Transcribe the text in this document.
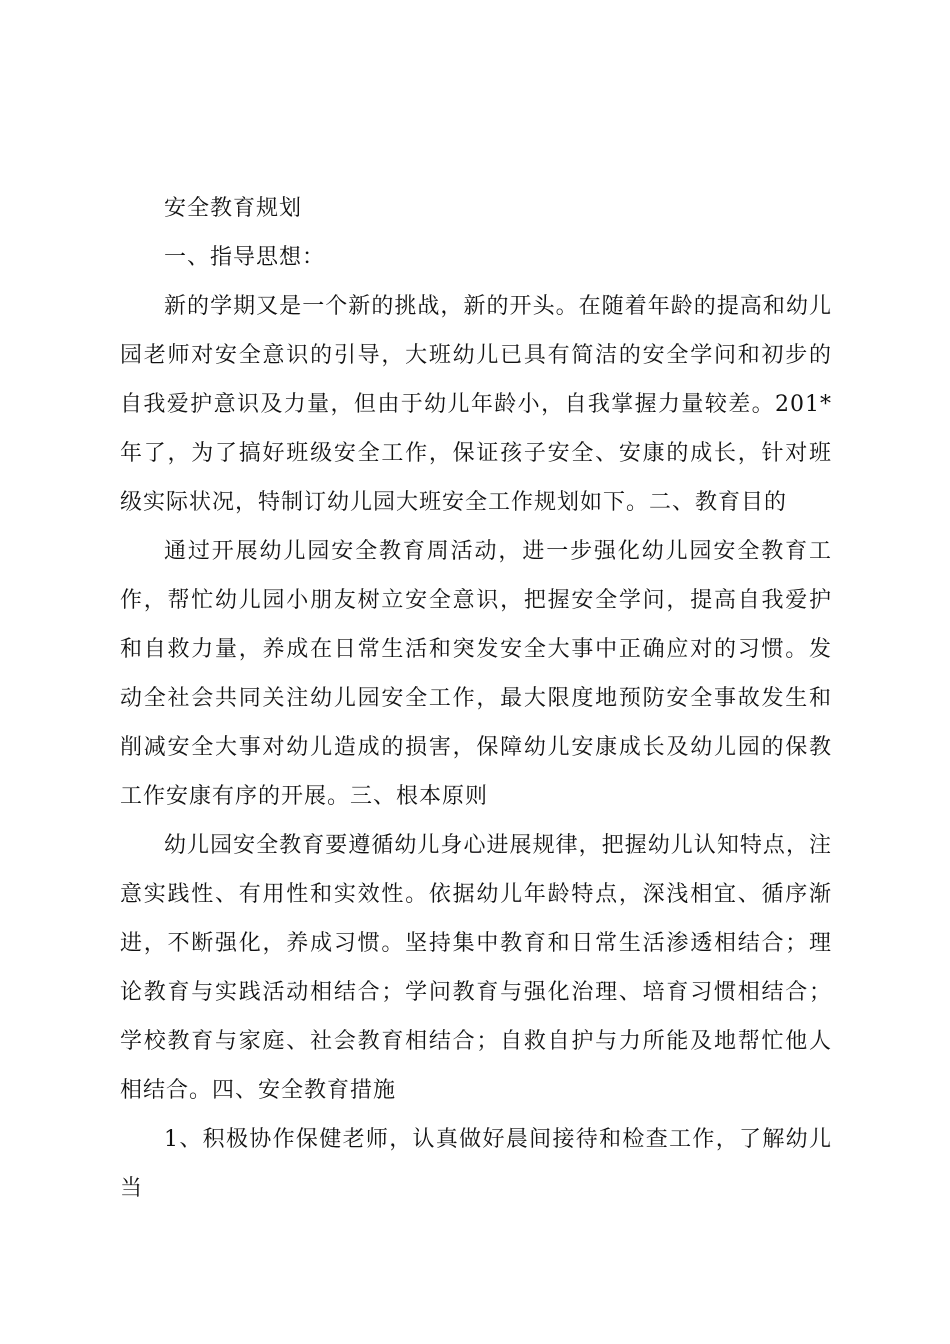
安全教育规划

一、指导思想：

新的学期又是一个新的挑战，新的开头。在随着年龄的提高和幼儿园老师对安全意识的引导，大班幼儿已具有简洁的安全学问和初步的自我爱护意识及力量，但由于幼儿年龄小，自我掌握力量较差。201*年了，为了搞好班级安全工作，保证孩子安全、安康的成长，针对班级实际状况，特制订幼儿园大班安全工作规划如下。二、教育目的

通过开展幼儿园安全教育周活动，进一步强化幼儿园安全教育工作，帮忙幼儿园小朋友树立安全意识，把握安全学问，提高自我爱护和自救力量，养成在日常生活和突发安全大事中正确应对的习惯。发动全社会共同关注幼儿园安全工作，最大限度地预防安全事故发生和削减安全大事对幼儿造成的损害，保障幼儿安康成长及幼儿园的保教工作安康有序的开展。三、根本原则

幼儿园安全教育要遵循幼儿身心进展规律，把握幼儿认知特点，注意实践性、有用性和实效性。依据幼儿年龄特点，深浅相宜、循序渐进，不断强化，养成习惯。坚持集中教育和日常生活渗透相结合；理论教育与实践活动相结合；学问教育与强化治理、培育习惯相结合；学校教育与家庭、社会教育相结合；自救自护与力所能及地帮忙他人相结合。四、安全教育措施

1、积极协作保健老师，认真做好晨间接待和检查工作，了解幼儿当
